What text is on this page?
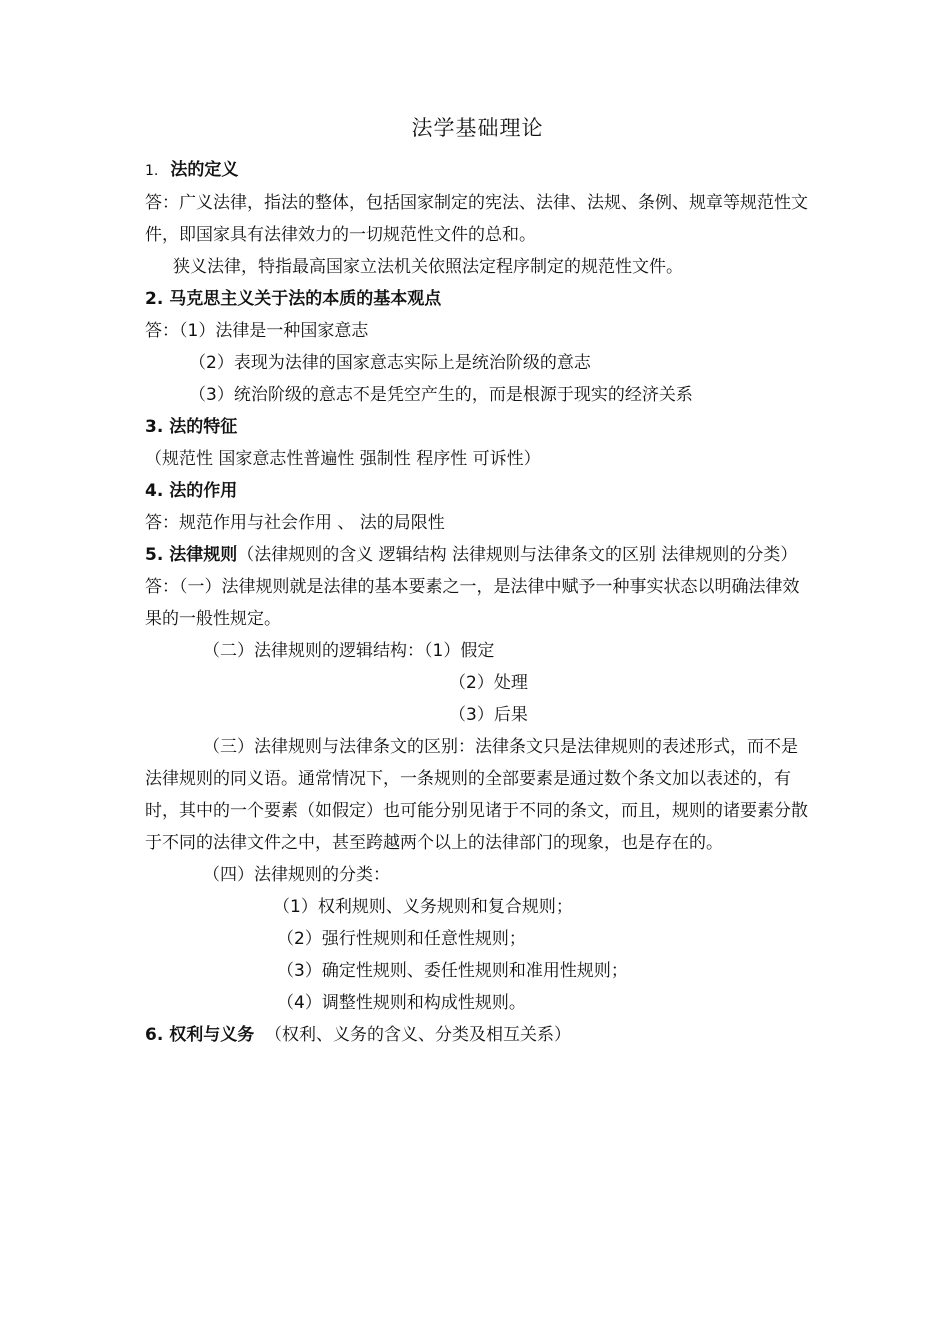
法学基础理论

1. 法的定义

答：广义法律，指法的整体，包括国家制定的宪法、法律、法规、条例、规章等规范性文件，即国家具有法律效力的一切规范性文件的总和。

狭义法律，特指最高国家立法机关依照法定程序制定的规范性文件。

2. 马克思主义关于法的本质的基本观点

答：（1）法律是一种国家意志

（2）表现为法律的国家意志实际上是统治阶级的意志

（3）统治阶级的意志不是凭空产生的，而是根源于现实的经济关系

3. 法的特征

（规范性 国家意志性普遍性 强制性 程序性 可诉性）

4. 法的作用

答：规范作用与社会作用 、 法的局限性

5. 法律规则（法律规则的含义 逻辑结构 法律规则与法律条文的区别 法律规则的分类）

答：（一）法律规则就是法律的基本要素之一，是法律中赋予一种事实状态以明确法律效果的一般性规定。

（二）法律规则的逻辑结构：（1）假定

（2）处理

（3）后果

（三）法律规则与法律条文的区别：法律条文只是法律规则的表述形式，而不是法律规则的同义语。通常情况下，一条规则的全部要素是通过数个条文加以表述的，有时，其中的一个要素（如假定）也可能分别见诸于不同的条文，而且，规则的诸要素分散于不同的法律文件之中，甚至跨越两个以上的法律部门的现象，也是存在的。

（四）法律规则的分类：

（1）权利规则、义务规则和复合规则；

（2）强行性规则和任意性规则；

（3）确定性规则、委任性规则和准用性规则；

（4）调整性规则和构成性规则。

6. 权利与义务 （权利、义务的含义、分类及相互关系）
